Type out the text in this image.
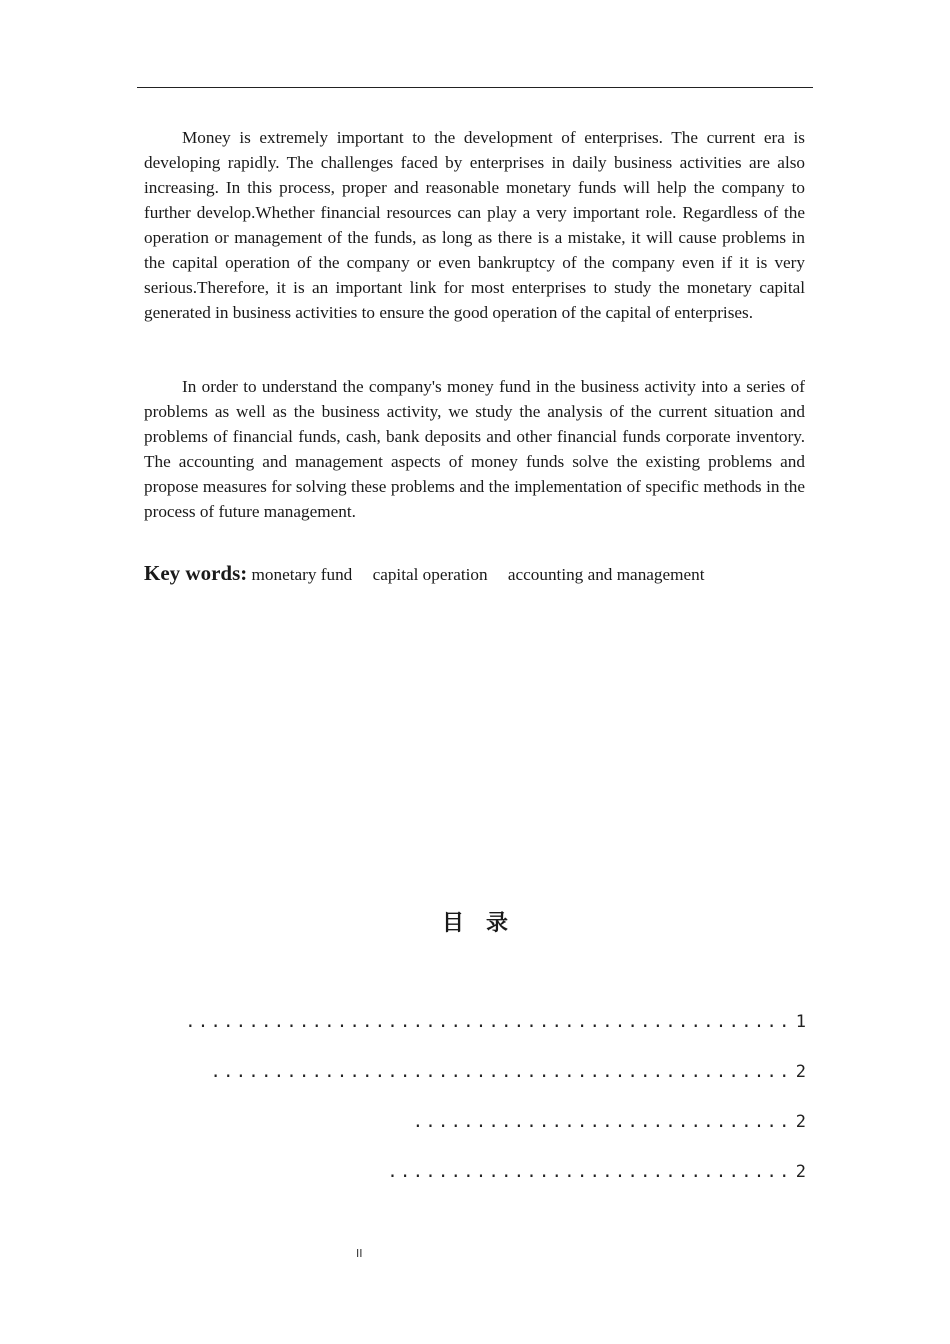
Money is extremely important to the development of enterprises. The current era is developing rapidly. The challenges faced by enterprises in daily business activities are also increasing. In this process, proper and reasonable monetary funds will help the company to further develop.Whether financial resources can play a very important role. Regardless of the operation or management of the funds, as long as there is a mistake, it will cause problems in the capital operation of the company or even bankruptcy of the company even if it is very serious.Therefore, it is an important link for most enterprises to study the monetary capital generated in business activities to ensure the good operation of the capital of enterprises.

In order to understand the company's money fund in the business activity into a series of problems as well as the business activity, we study the analysis of the current situation and problems of financial funds, cash, bank deposits and other financial funds corporate inventory. The accounting and management aspects of money funds solve the existing problems and propose measures for solving these problems and the implementation of specific methods in the process of future management.

Key words: monetary fund capital operation accounting and management
目录
................................................ 1
.............................................. 2
.............................. 2
................................ 2
II
